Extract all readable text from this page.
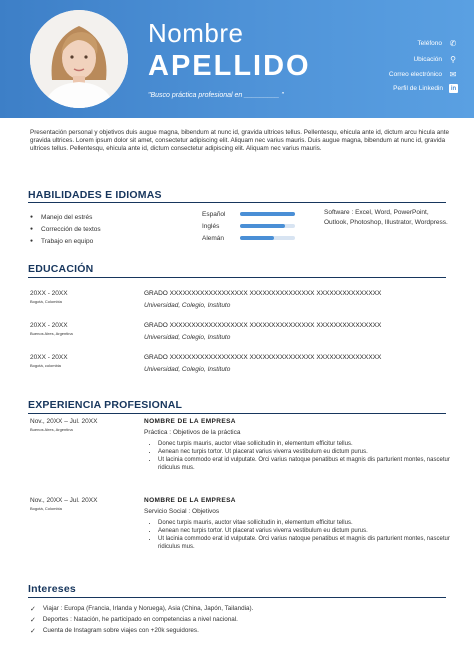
Nombre
APELLIDO
"Busco práctica profesional en _________ "
Teléfono ✆
Ubicación ⚲
Correo electrónico ✉
Perfil de Linkedin	in
Presentación personal y objetivos duis augue magna, bibendum at nunc id, gravida ultrices tellus. Pellentesqu, ehicula ante id, dictum arcu hicula ante gravida ultrices. Lorem ipsum dolor sit amet, consectetur adipiscing elit. Aliquam nec varius mauris. Duis augue magna, bibendum at nunc id, gravida ultrices tellus. Pellentesqu, ehicula ante id, dictum consectetur adipiscing elit. Aliquam nec varius mauris.
HABILIDADES E IDIOMAS
● Manejo del estrés
● Corrección de textos
● Trabajo en equipo
Español
Inglés
Alemán
Software : Excel, Word, PowerPoint, Outlook, Photoshop, Illustrator, Wordpress.
EDUCACIÓN
20XX - 20XX
Bogotá, Colombia
GRADO XXXXXXXXXXXXXXXXXX XXXXXXXXXXXXXXX XXXXXXXXXXXXXXX
Universidad, Colegio, Instituto
20XX - 20XX
Buenos Aires, Argentina
GRADO XXXXXXXXXXXXXXXXXX XXXXXXXXXXXXXXX XXXXXXXXXXXXXXX
Universidad, Colegio, Instituto
20XX - 20XX
Bogotá, colombia
GRADO XXXXXXXXXXXXXXXXXX XXXXXXXXXXXXXXX XXXXXXXXXXXXXXX
Universidad, Colegio, Instituto
EXPERIENCIA PROFESIONAL
Nov., 20XX – Jul. 20XX
Buenos Aires, Argentina
NOMBRE DE LA EMPRESA
Práctica : Objetivos de la práctica
• Donec turpis mauris, auctor vitae sollicitudin in, elementum efficitur tellus.
• Aenean nec turpis tortor. Ut placerat varius viverra vestibulum eu dictum purus.
• Ut lacinia commodo erat id vulputate. Orci varius natoque penatibus et magnis dis parturient montes, nascetur ridiculus mus.
Nov., 20XX – Jul. 20XX
Bogotá, Colombia
NOMBRE DE LA EMPRESA
Servicio Social : Objetivos
• Donec turpis mauris, auctor vitae sollicitudin in, elementum efficitur tellus.
• Aenean nec turpis tortor. Ut placerat varius viverra vestibulum eu dictum purus.
• Ut lacinia commodo erat id vulputate. Orci varius natoque penatibus et magnis dis parturient montes, nascetur ridiculus mus.
Intereses
✓ Viajar : Europa (Francia, Irlanda y Noruega), Asia (China, Japón, Tailandia).
✓ Deportes : Natación, he participado en competencias a nivel nacional.
✓ Cuenta de Instagram sobre viajes con +20k seguidores.
